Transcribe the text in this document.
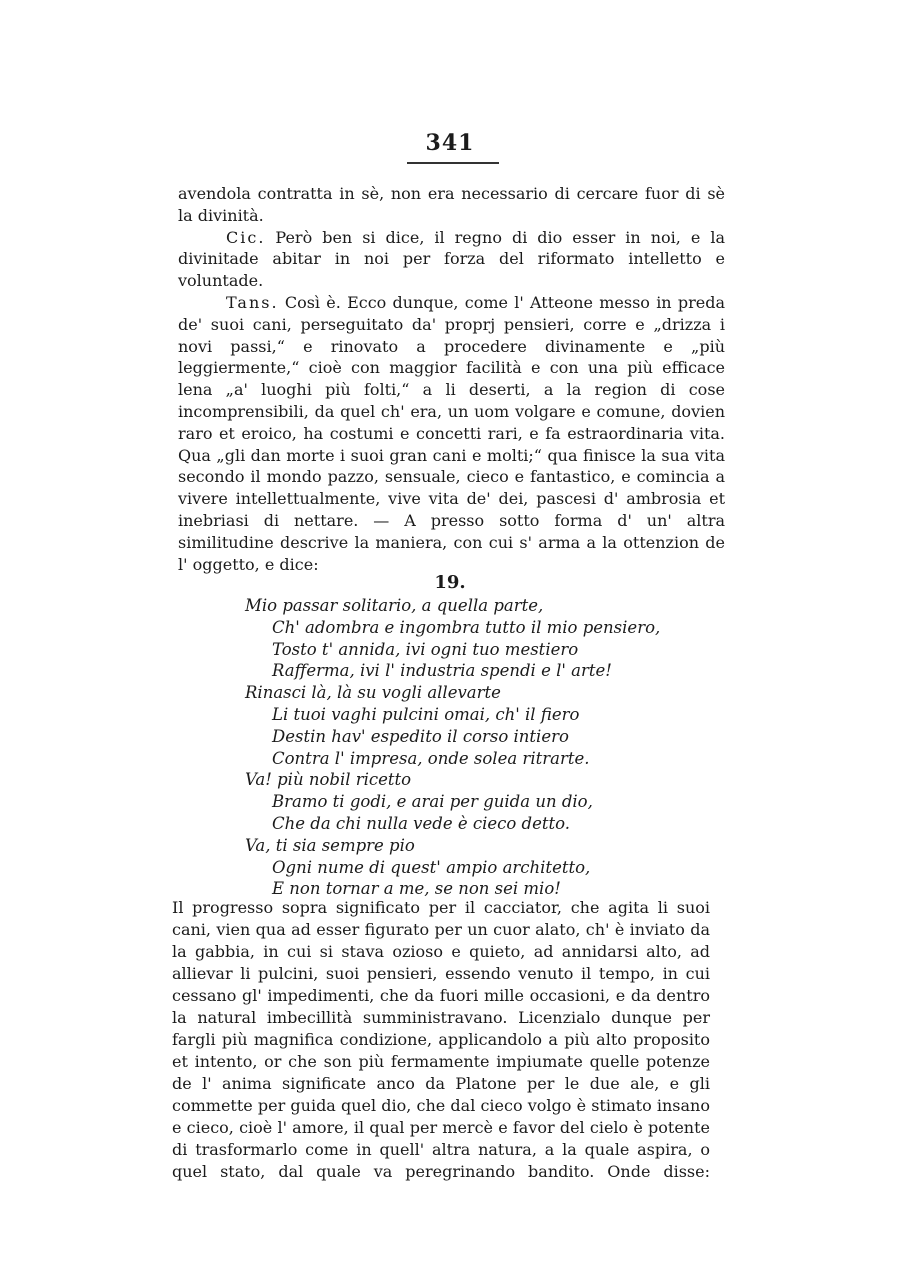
341

avendola contratta in sè, non era necessario di cercare fuor di sè la divinità.

Cic. Però ben si dice, il regno di dio esser in noi, e la divinitade abitar in noi per forza del riformato intelletto e voluntade.

Tans. Così è. Ecco dunque, come l' Atteone messo in preda de' suoi cani, perseguitato da' proprj pensieri, corre e „drizza i novi passi,“ e rinovato a procedere divinamente e „più leggiermente,“ cioè con maggior facilità e con una più efficace lena „a' luoghi più folti,“ a li deserti, a la region di cose incomprensibili, da quel ch' era, un uom volgare e comune, dovien raro et eroico, ha costumi e concetti rari, e fa estraordinaria vita. Qua „gli dan morte i suoi gran cani e molti;“ qua finisce la sua vita secondo il mondo pazzo, sensuale, cieco e fantastico, e comincia a vivere intellettualmente, vive vita de' dei, pascesi d' ambrosia et inebriasi di nettare. — A presso sotto forma d' un' altra similitudine descrive la maniera, con cui s' arma a la ottenzion de l' oggetto, e dice:

19.
Mio passar solitario, a quella parte,
Ch' adombra e ingombra tutto il mio pensiero,
Tosto t' annida, ivi ogni tuo mestiero
Rafferma, ivi l' industria spendi e l' arte!
Rinasci là, là su vogli allevarte
Li tuoi vaghi pulcini omai, ch' il fiero
Destin hav' espedito il corso intiero
Contra l' impresa, onde solea ritrarte.
Va! più nobil ricetto
Bramo ti godi, e arai per guida un dio,
Che da chi nulla vede è cieco detto.
Va, ti sia sempre pio
Ogni nume di quest' ampio architetto,
E non tornar a me, se non sei mio!

Il progresso sopra significato per il cacciator, che agita li suoi cani, vien qua ad esser figurato per un cuor alato, ch' è inviato da la gabbia, in cui si stava ozioso e quieto, ad annidarsi alto, ad allievar li pulcini, suoi pensieri, essendo venuto il tempo, in cui cessano gl' impedimenti, che da fuori mille occasioni, e da dentro la natural imbecillità sumministravano. Licenzialo dunque per fargli più magnifica condizione, applicandolo a più alto proposito et intento, or che son più fermamente impiumate quelle potenze de l' anima significate anco da Platone per le due ale, e gli commette per guida quel dio, che dal cieco volgo è stimato insano e cieco, cioè l' amore, il qual per mercè e favor del cielo è potente di trasformarlo come in quell' altra natura, a la quale aspira, o quel stato, dal quale va peregrinando bandito. Onde disse:
